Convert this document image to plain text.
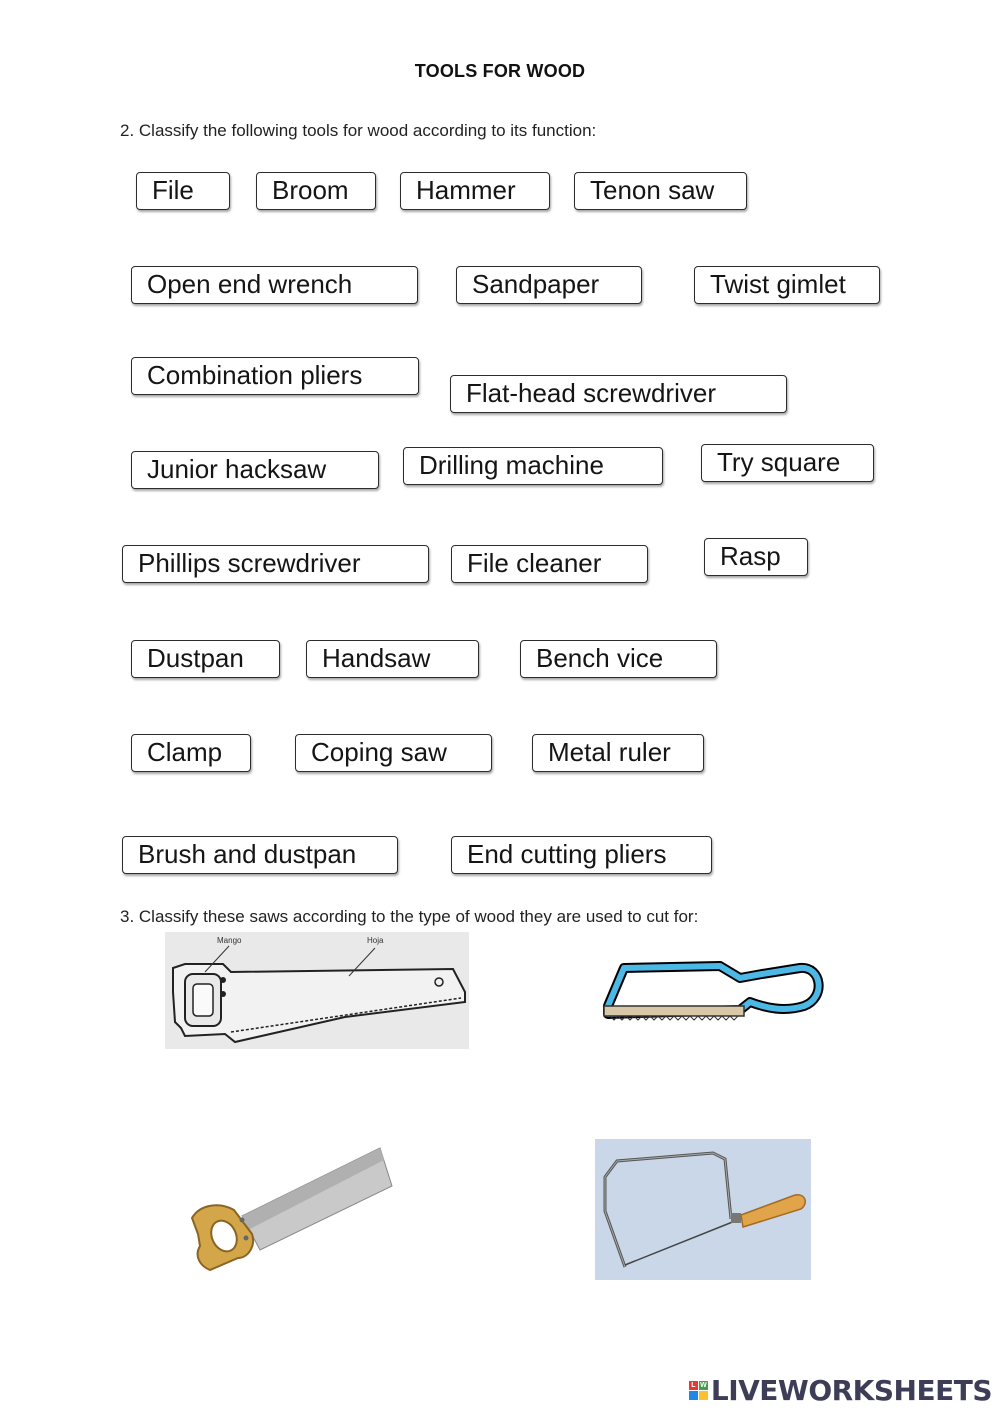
TOOLS FOR WOOD
2. Classify the following tools for wood according to its function:
File	Broom	Hammer	Tenon saw
Open end wrench	Sandpaper	Twist gimlet
Combination pliers
Flat-head screwdriver
Junior hacksaw	Drilling machine	Try square
Phillips screwdriver	File cleaner	Rasp
Dustpan	Handsaw	Bench vice
Clamp	Coping saw	Metal ruler
Brush and dustpan	End cutting pliers
3. Classify these saws according to the type of wood they are used to cut for:
Mango	Hoja
L W LIVEWORKSHEETS
